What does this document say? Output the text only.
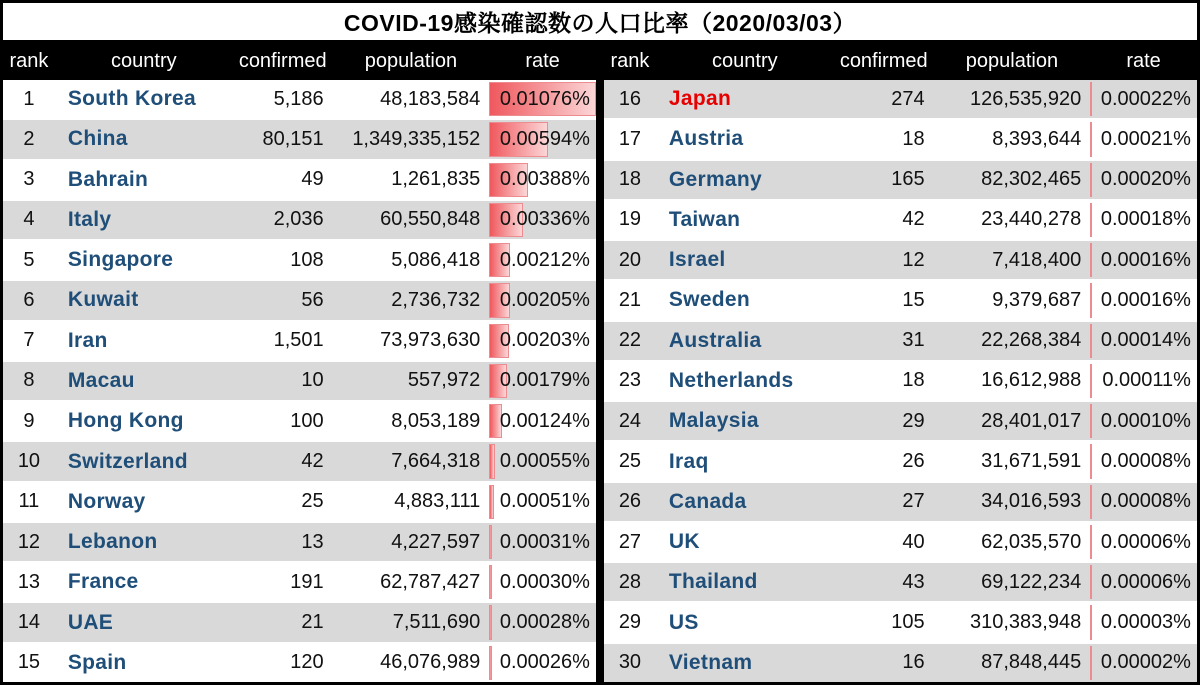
COVID-19感染確認数の人口比率（2020/03/03）
rank	country	confirmed	population	rate
1	South Korea	5,186	48,183,584 0.01076%
2	China	80,151	1,349,335,152 0.00594%
3	Bahrain	49	1,261,835 0.00388%
4	Italy	2,036	60,550,848 0.00336%
5	Singapore	108	5,086,418 0.00212%
6	Kuwait	56	2,736,732 0.00205%
7	Iran	1,501	73,973,630 0.00203%
8	Macau	10	557,972 0.00179%
9	Hong Kong	100	8,053,189 0.00124%
10	Switzerland	42	7,664,318 0.00055%
11	Norway	25	4,883,111 0.00051%
12	Lebanon	13	4,227,597 0.00031%
13	France	191	62,787,427 0.00030%
14	UAE	21	7,511,690 0.00028%
15	Spain	120	46,076,989 0.00026%
rank	country	confirmed	population	rate
16	Japan	274	126,535,920 0.00022%
17	Austria	18	8,393,644 0.00021%
18	Germany	165	82,302,465 0.00020%
19	Taiwan	42	23,440,278 0.00018%
20	Israel	12	7,418,400 0.00016%
21	Sweden	15	9,379,687 0.00016%
22	Australia	31	22,268,384 0.00014%
23	Netherlands	18	16,612,988	0.00011%
24	Malaysia	29	28,401,017 0.00010%
25	Iraq	26	31,671,591 0.00008%
26	Canada	27	34,016,593 0.00008%
27	UK	40	62,035,570 0.00006%
28	Thailand	43	69,122,234 0.00006%
29	US	105	310,383,948 0.00003%
30	Vietnam	16	87,848,445 0.00002%
